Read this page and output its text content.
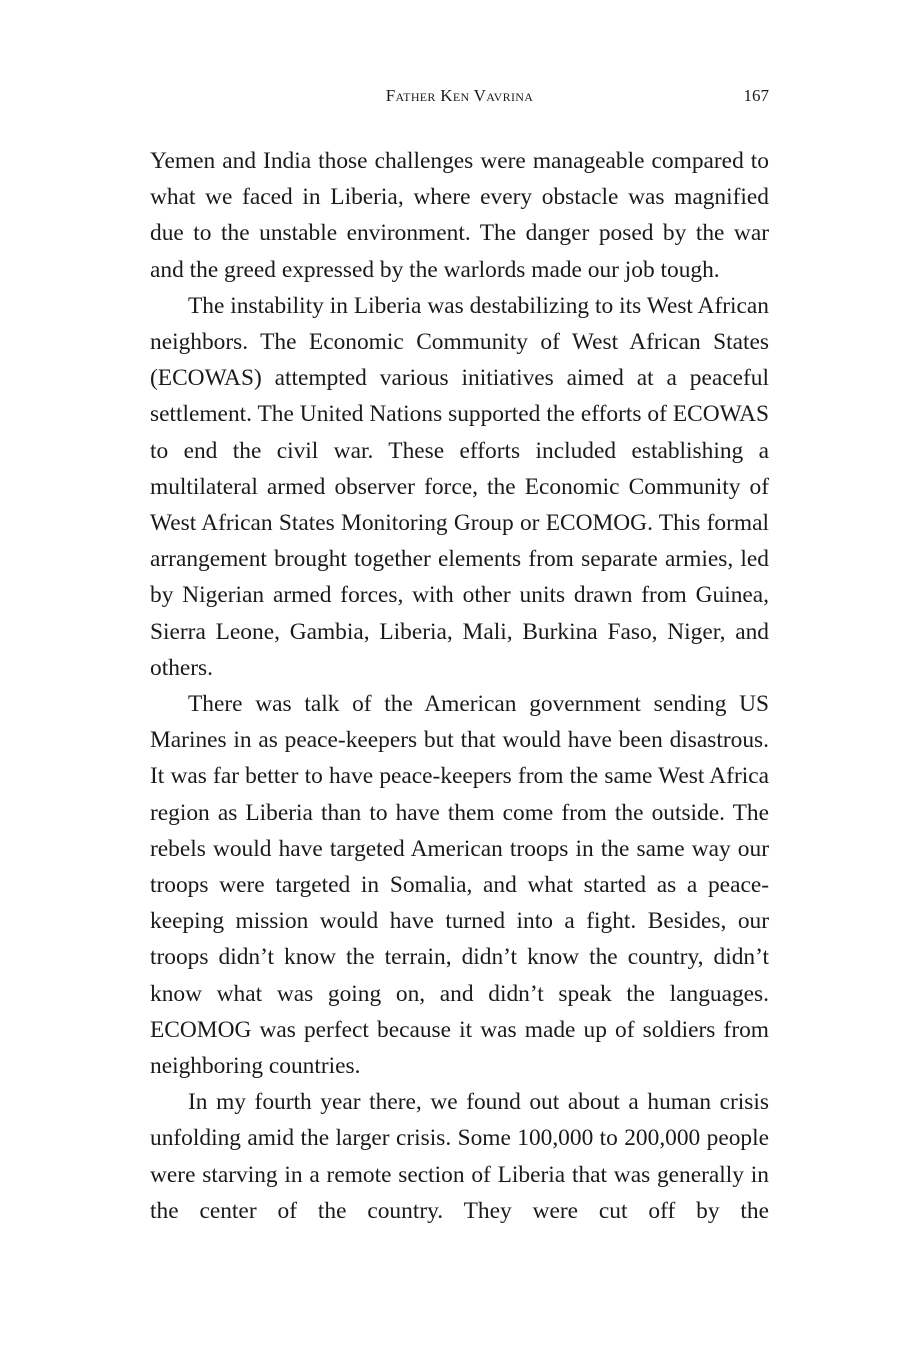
Father Ken Vavrina	167

Yemen and India those challenges were manageable compared to what we faced in Liberia, where every obstacle was magnified due to the unstable environment. The danger posed by the war and the greed expressed by the warlords made our job tough.

The instability in Liberia was destabilizing to its West African neighbors. The Economic Community of West African States (ECOWAS) attempted various initiatives aimed at a peaceful settlement. The United Nations supported the efforts of ECOWAS to end the civil war. These efforts included establishing a multilateral armed observer force, the Economic Community of West African States Monitoring Group or ECOMOG. This formal arrangement brought together elements from separate armies, led by Nigerian armed forces, with other units drawn from Guinea, Sierra Leone, Gambia, Liberia, Mali, Burkina Faso, Niger, and others.

There was talk of the American government sending US Marines in as peace-keepers but that would have been disastrous. It was far better to have peace-keepers from the same West Africa region as Liberia than to have them come from the outside. The rebels would have targeted American troops in the same way our troops were targeted in Somalia, and what started as a peace-keeping mission would have turned into a fight. Besides, our troops didn’t know the terrain, didn’t know the country, didn’t know what was going on, and didn’t speak the languages. ECOMOG was perfect because it was made up of soldiers from neighboring countries.

In my fourth year there, we found out about a human crisis unfolding amid the larger crisis. Some 100,000 to 200,000 people were starving in a remote section of Liberia that was generally in the center of the country. They were cut off by the
